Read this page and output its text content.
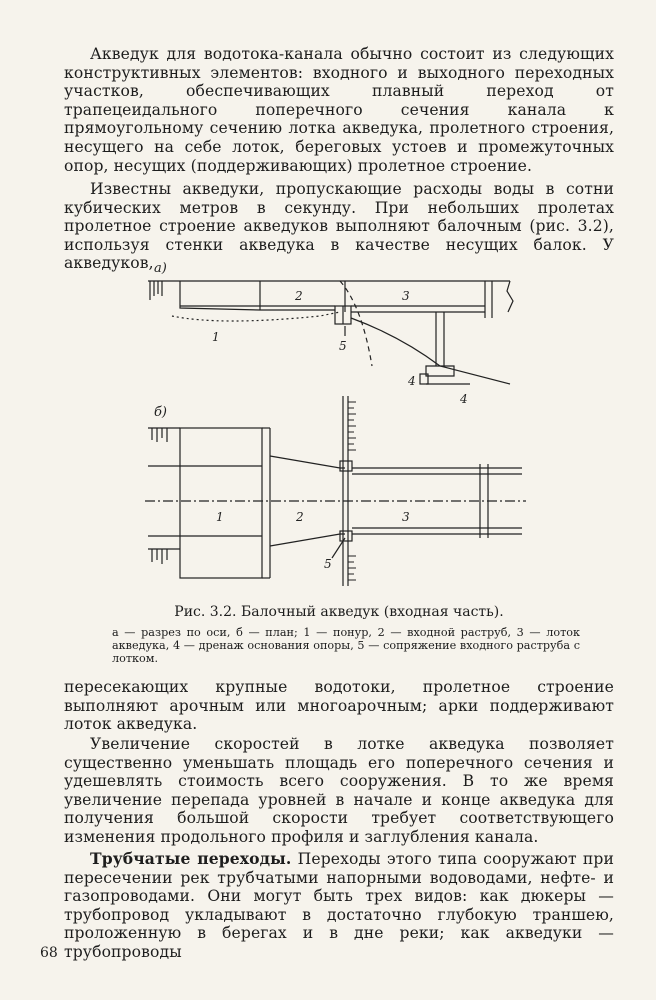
Акведук для водотока-канала обычно состоит из следующих конструктивных элементов: входного и выходного переходных участков, обеспечивающих плавный переход от трапецеидального поперечного сечения канала к прямоугольному сечению лотка акведука, пролетного строения, несущего на себе лоток, береговых устоев и промежуточных опор, несущих (поддерживающих) пролетное строение.

Известны акведуки, пропускающие расходы воды в сотни кубических метров в секунду. При небольших пролетах пролетное строение акведуков выполняют балочным (рис. 3.2), используя стенки акведука в качестве несущих балок. У акведуков, а)
б)
1
2	3
4
4
5
1	2	3
5

Рис. 3.2. Балочный акведук (входная часть).

а — разрез по оси, б — план; 1 — понур, 2 — входной раструб, 3 — лоток акведука, 4 — дренаж основания опоры, 5 — сопряжение входного раструба с лотком.

пересекающих крупные водотоки, пролетное строение выполняют арочным или многоарочным; арки поддерживают лоток акведука.

Увеличение скоростей в лотке акведука позволяет существенно уменьшать площадь его поперечного сечения и удешевлять стоимость всего сооружения. В то же время увеличение перепада уровней в начале и конце акведука для получения большой скорости требует соответствующего изменения продольного профиля и заглубления канала.

Трубчатые переходы. Переходы этого типа сооружают при пересечении рек трубчатыми напорными водоводами, нефте- и газопроводами. Они могут быть трех видов: как дюкеры — трубопровод укладывают в достаточно глубокую траншею, проложенную в берегах и в дне реки; как акведуки — трубопроводы

68
